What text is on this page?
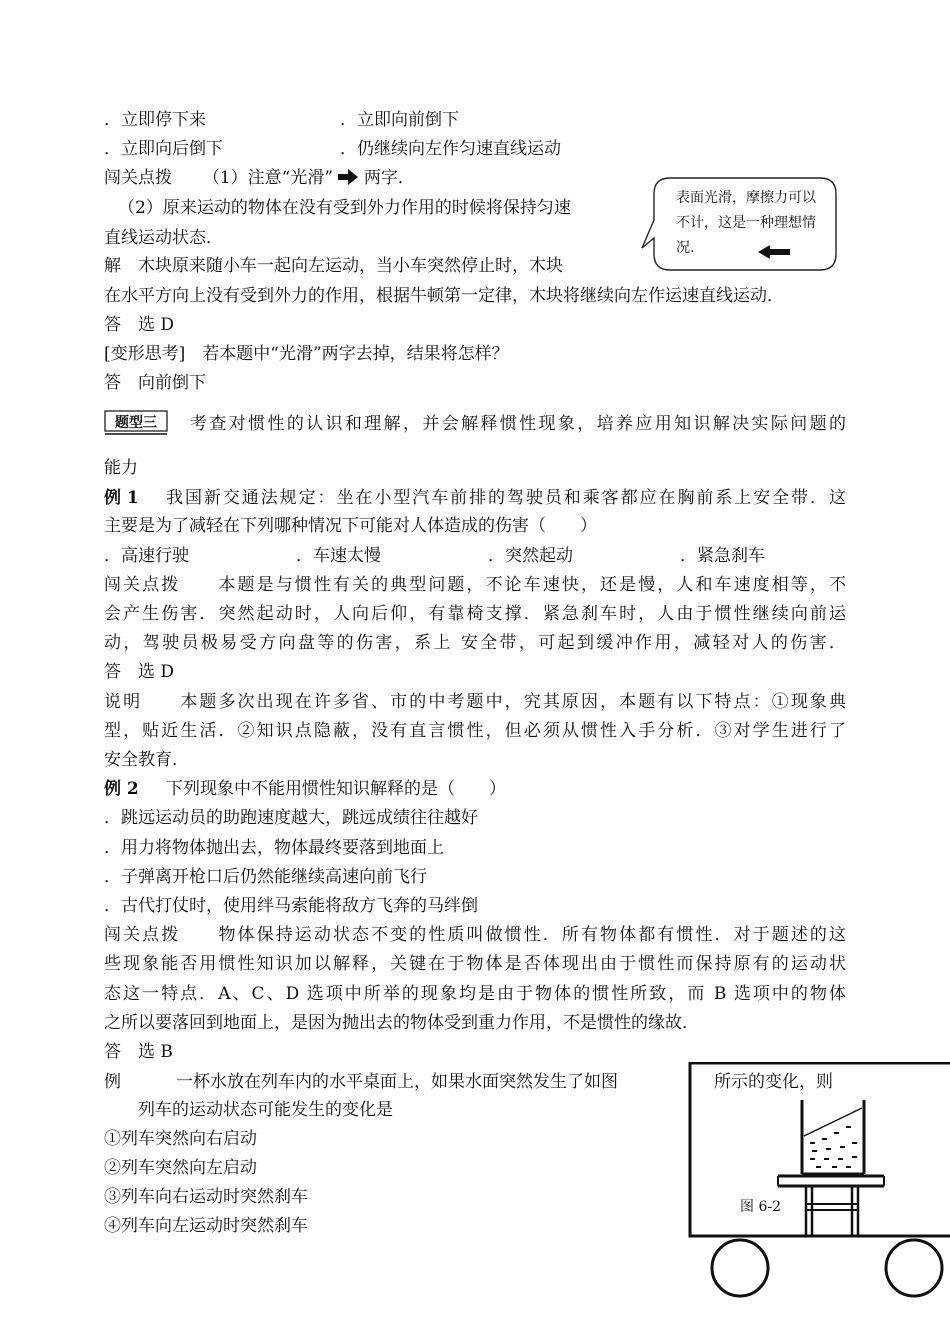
．立即停下来	．立即向前倒下
．立即向后倒下	．仍继续向左作匀速直线运动
闯关点拨 （1）注意“光滑” 两字．
（2）原来运动的物体在没有受到外力作用的时候将保持匀速
直线运动状态．
解　木块原来随小车一起向左运动，当小车突然停止时，木块
在水平方向上没有受到外力的作用，根据牛顿第一定律，木块将继续向左作运速直线运动．
答　选 D
[变形思考]　若本题中“光滑”两字去掉，结果将怎样？
答　向前倒下
表面光滑，摩擦力可以不计，这是一种理想情况.
题型三 考查对惯性的认识和理解，并会解释惯性现象，培养应用知识解决实际问题的
能力
例 1 我国新交通法规定：坐在小型汽车前排的驾驶员和乘客都应在胸前系上安全带．这
主要是为了减轻在下列哪种情况下可能对人体造成的伤害（　　）
．高速行驶	．车速太慢	．突然起动	．紧急刹车
闯关点拨　　本题是与惯性有关的典型问题，不论车速快，还是慢，人和车速度相等，不
会产生伤害．突然起动时，人向后仰，有靠椅支撑．紧急刹车时，人由于惯性继续向前运
动，驾驶员极易受方向盘等的伤害，系上 安全带，可起到缓冲作用，减轻对人的伤害．
答　选 D
说明　　本题多次出现在许多省、市的中考题中，究其原因，本题有以下特点：①现象典
型，贴近生活．②知识点隐蔽，没有直言惯性，但必须从惯性入手分析．③对学生进行了
安全教育．
例 2 下列现象中不能用惯性知识解释的是（　　）
．跳远运动员的助跑速度越大，跳远成绩往往越好
．用力将物体抛出去，物体最终要落到地面上
．子弹离开枪口后仍然能继续高速向前飞行
．古代打仗时，使用绊马索能将敌方飞奔的马绊倒
闯关点拨　　物体保持运动状态不变的性质叫做惯性．所有物体都有惯性．对于题述的这
些现象能否用惯性知识加以解释，关键在于物体是否体现出由于惯性而保持原有的运动状
态这一特点．A、C、D 选项中所举的现象均是由于物体的惯性所致，而 B 选项中的物体
之所以要落回到地面上，是因为抛出去的物体受到重力作用，不是惯性的缘故．
答　选 B
例	一杯水放在列车内的水平桌面上，如果水面突然发生了如图	所示的变化，则
列车的运动状态可能发生的变化是
①列车突然向右启动
②列车突然向左启动
③列车向右运动时突然刹车
④列车向左运动时突然刹车
图 6-2
